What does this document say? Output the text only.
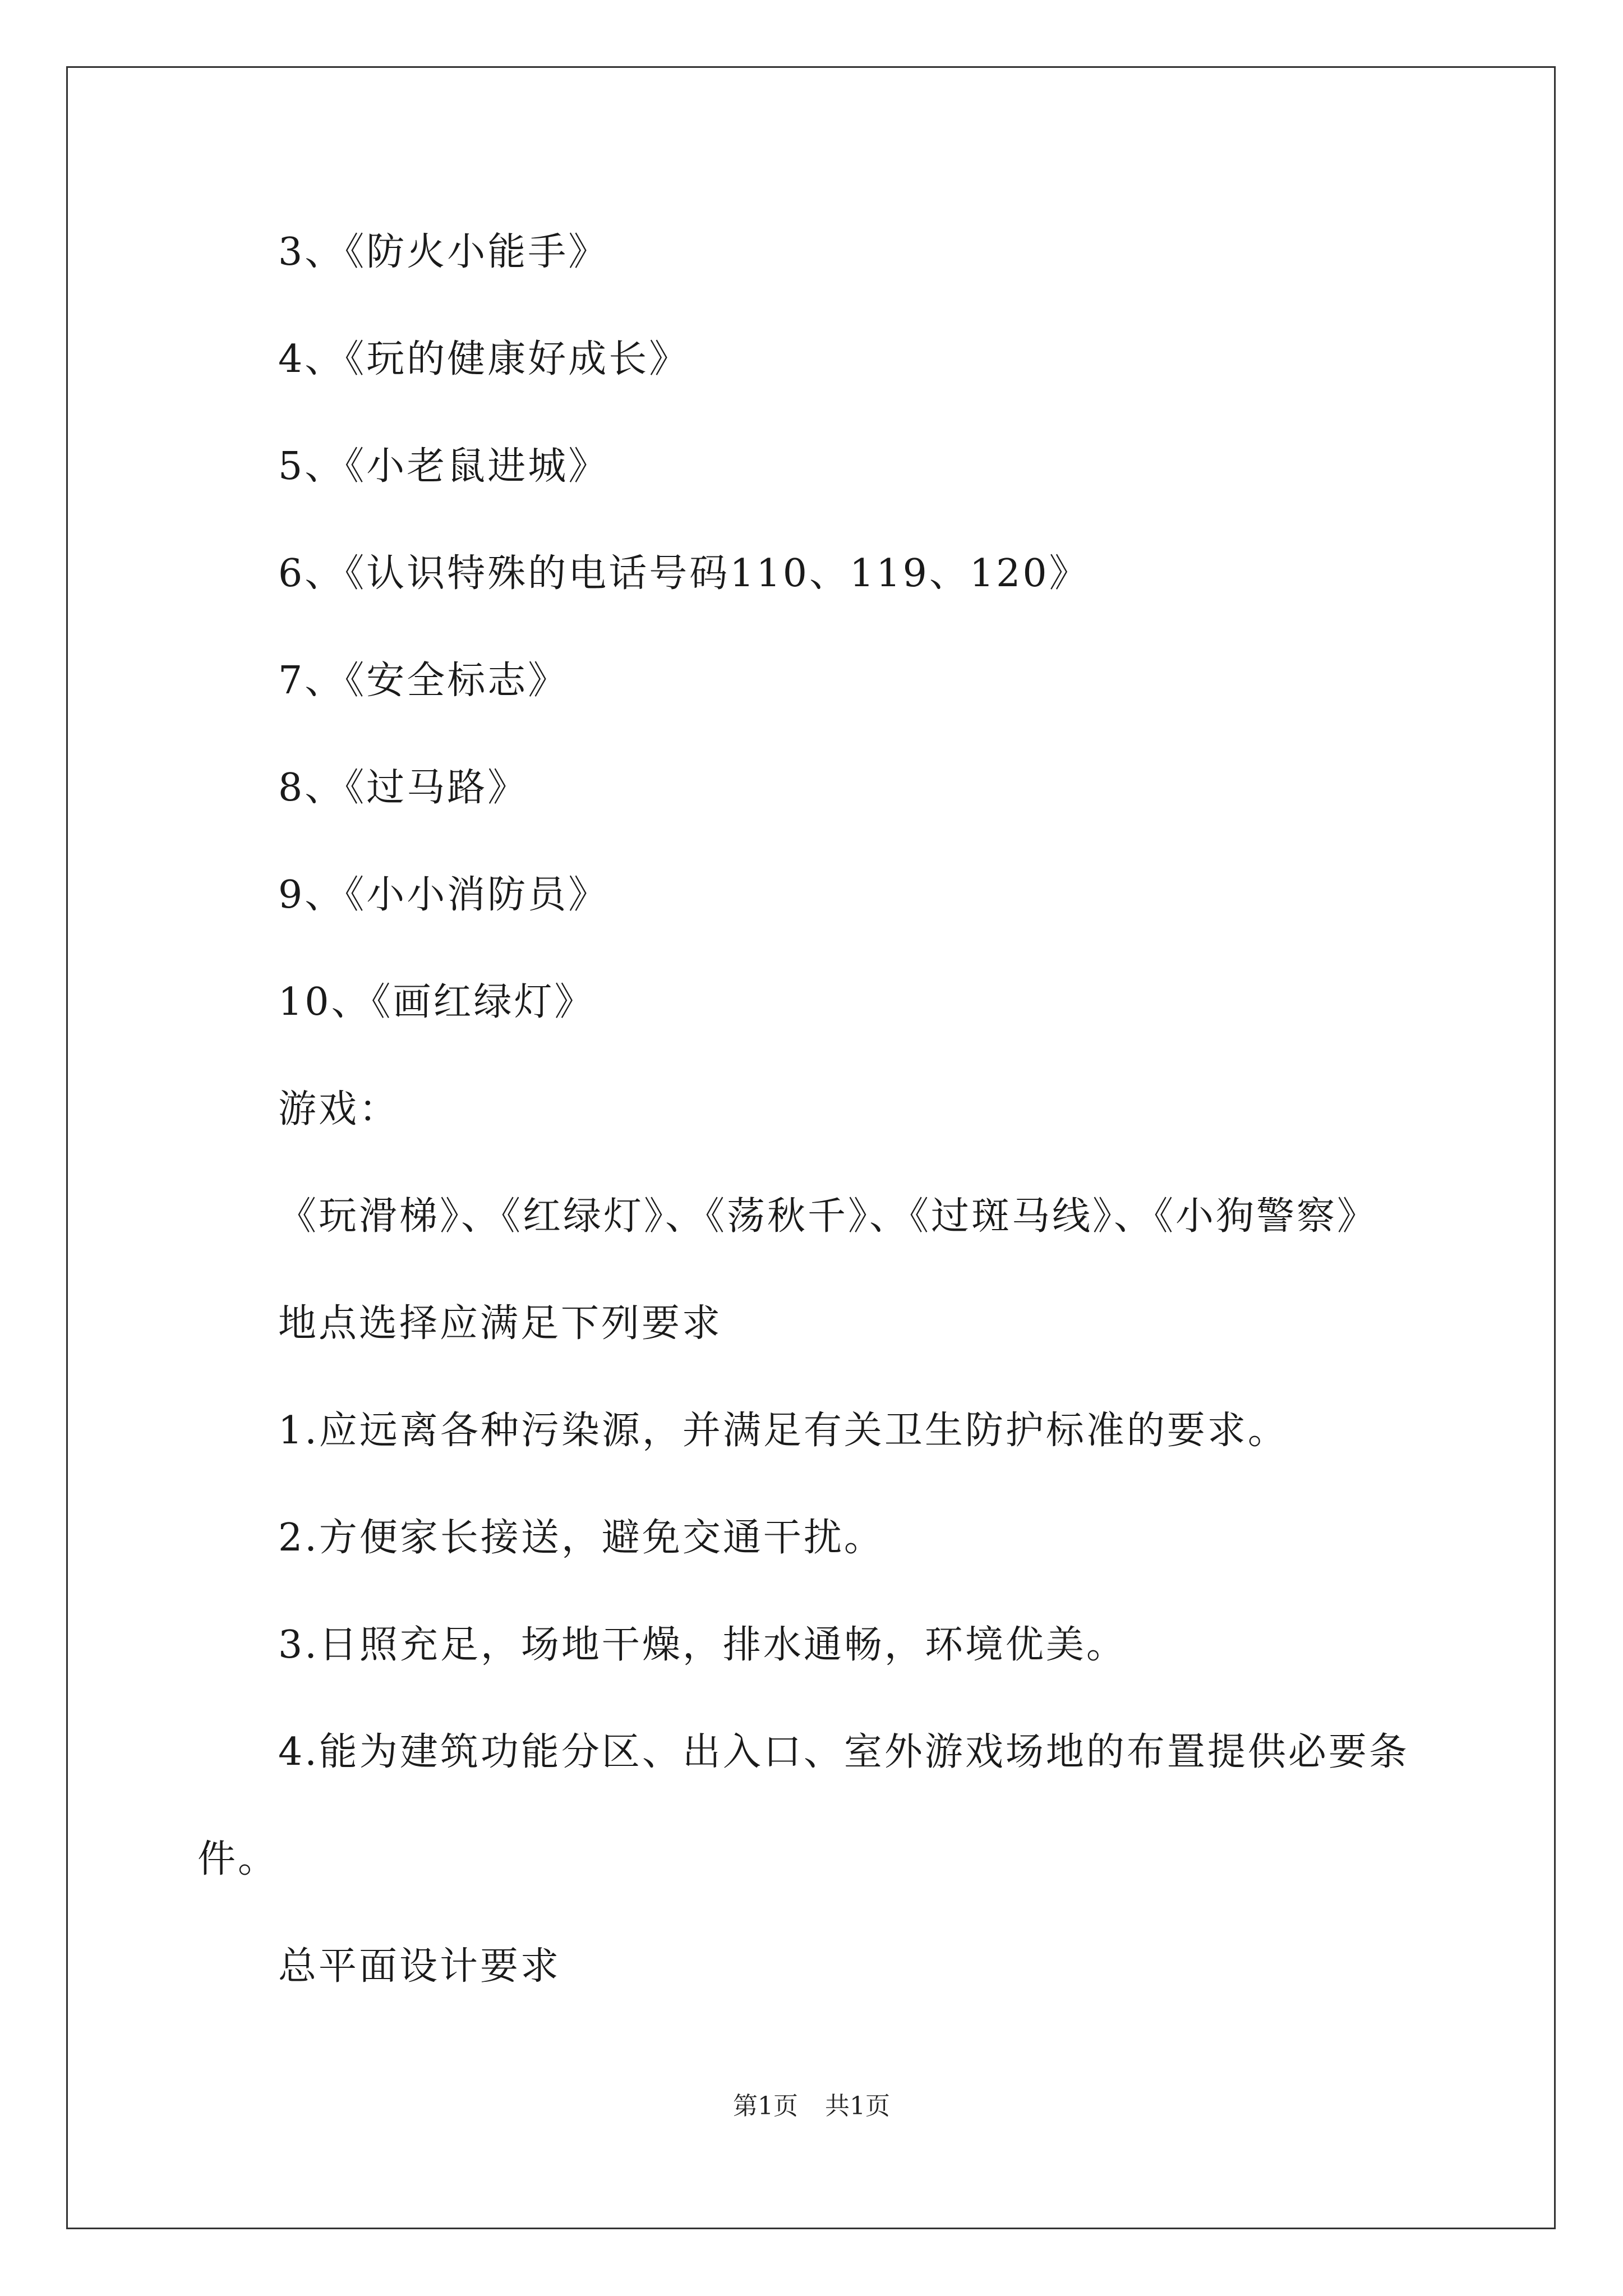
3、《防火小能手》
4、《玩的健康好成长》
5、《小老鼠进城》
6、《认识特殊的电话号码110、119、120》
7、《安全标志》
8、《过马路》
9、《小小消防员》
10、《画红绿灯》
游戏：
《玩滑梯》、《红绿灯》、《荡秋千》、《过斑马线》、《小狗警察》
地点选择应满足下列要求
1.应远离各种污染源，并满足有关卫生防护标准的要求。
2.方便家长接送，避免交通干扰。
3.日照充足，场地干燥，排水通畅，环境优美。
4.能为建筑功能分区、出入口、室外游戏场地的布置提供必要条
件。
总平面设计要求
第1页 共1页
